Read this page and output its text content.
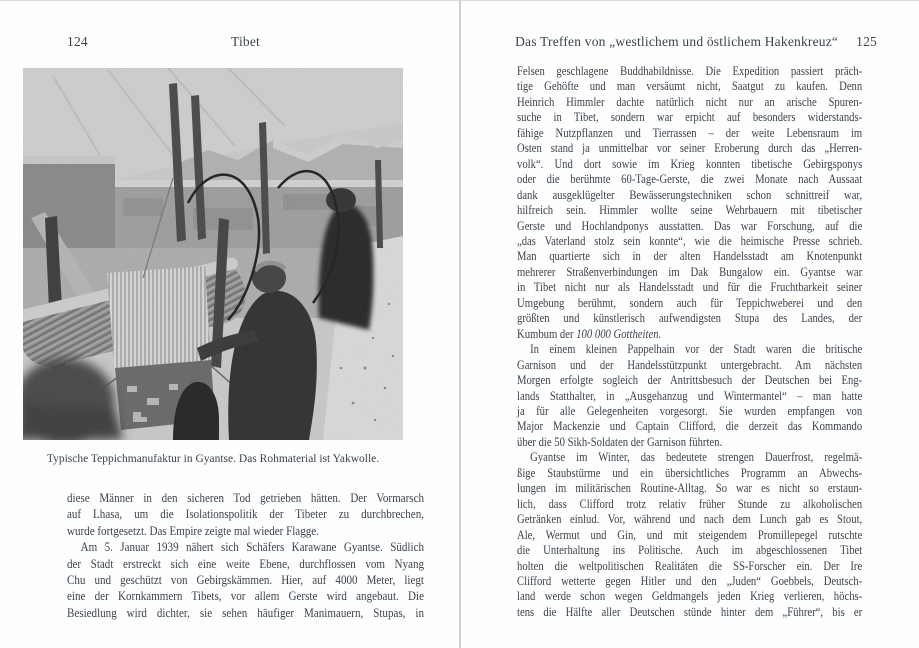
124	Tibet
Typische Teppichmanufaktur in Gyantse. Das Rohmaterial ist Yakwolle.
diese Männer in den sicheren Tod getrieben hätten. Der Vormarsch
auf Lhasa, um die Isolationspolitik der Tibeter zu durchbrechen,
wurde fortgesetzt. Das Empire zeigte mal wieder Flagge.
Am 5. Januar 1939 nähert sich Schäfers Karawane Gyantse. Südlich
der Stadt erstreckt sich eine weite Ebene, durchflossen vom Nyang
Chu und geschützt von Gebirgskämmen. Hier, auf 4000 Meter, liegt
eine der Kornkammern Tibets, vor allem Gerste wird angebaut. Die
Besiedlung wird dichter, sie sehen häufiger Manimauern, Stupas, in
Das Treffen von „westlichem und östlichem Hakenkreuz“ 125
Felsen geschlagene Buddhabildnisse. Die Expedition passiert präch-
tige Gehöfte und man versäumt nicht, Saatgut zu kaufen. Denn
Heinrich Himmler dachte natürlich nicht nur an arische Spuren-
suche in Tibet, sondern war erpicht auf besonders widerstands-
fähige Nutzpflanzen und Tierrassen – der weite Lebensraum im
Osten stand ja unmittelbar vor seiner Eroberung durch das „Herren-
volk“. Und dort sowie im Krieg konnten tibetische Gebirgsponys
oder die berühmte 60-Tage-Gerste, die zwei Monate nach Aussaat
dank ausgeklügelter Bewässerungstechniken schon schnittreif war,
hilfreich sein. Himmler wollte seine Wehrbauern mit tibetischer
Gerste und Hochlandponys ausstatten. Das war Forschung, auf die
„das Vaterland stolz sein konnte“, wie die heimische Presse schrieb.
Man quartierte sich in der alten Handelsstadt am Knotenpunkt
mehrerer Straßenverbindungen im Dak Bungalow ein. Gyantse war
in Tibet nicht nur als Handelsstadt und für die Fruchtbarkeit seiner
Umgebung berühmt, sondern auch für Teppichweberei und den
größten und künstlerisch aufwendigsten Stupa des Landes, der
Kumbum der 100 000 Gottheiten.
In einem kleinen Pappelhain vor der Stadt waren die britische
Garnison und der Handelsstützpunkt untergebracht. Am nächsten
Morgen erfolgte sogleich der Antrittsbesuch der Deutschen bei Eng-
lands Statthalter, in „Ausgehanzug und Wintermantel“ – man hatte
ja für alle Gelegenheiten vorgesorgt. Sie wurden empfangen von
Major Mackenzie und Captain Clifford, die derzeit das Kommando
über die 50 Sikh-Soldaten der Garnison führten.
Gyantse im Winter, das bedeutete strengen Dauerfrost, regelmä-
ßige Staubstürme und ein übersichtliches Programm an Abwechs-
lungen im militärischen Routine-Alltag. So war es nicht so erstaun-
lich, dass Clifford trotz relativ früher Stunde zu alkoholischen
Getränken einlud. Vor, während und nach dem Lunch gab es Stout,
Ale, Wermut und Gin, und mit steigendem Promillepegel rutschte
die Unterhaltung ins Politische. Auch im abgeschlossenen Tibet
holten die weltpolitischen Realitäten die SS-Forscher ein. Der Ire
Clifford wetterte gegen Hitler und den „Juden“ Goebbels, Deutsch-
land werde schon wegen Geldmangels jeden Krieg verlieren, höchs-
tens die Hälfte aller Deutschen stünde hinter dem „Führer“, bis er
